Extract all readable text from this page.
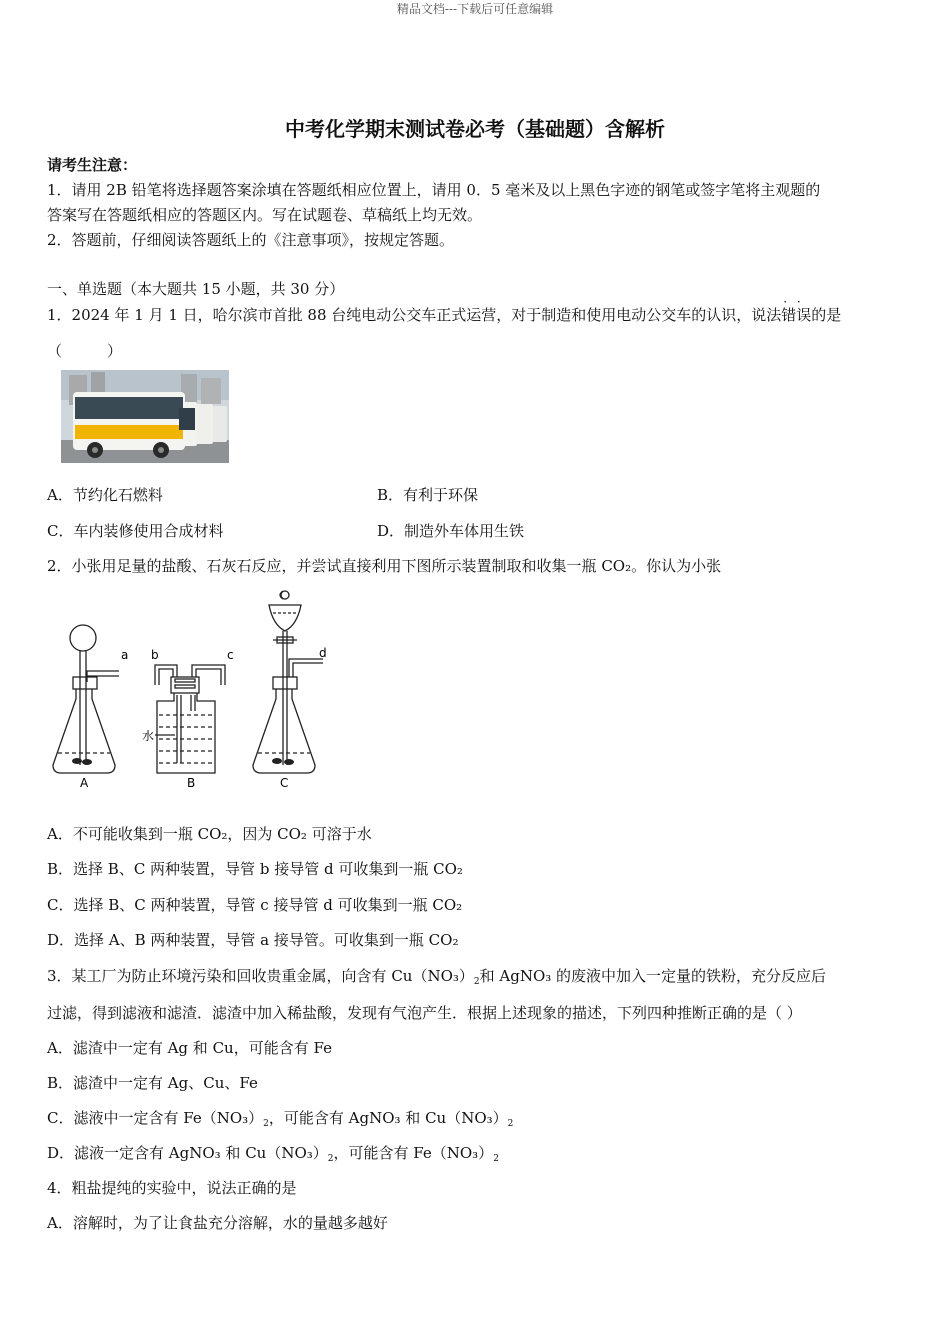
精品文档---下载后可任意编辑
中考化学期末测试卷必考（基础题）含解析
请考生注意：
1．请用 2B 铅笔将选择题答案涂填在答题纸相应位置上，请用 0．5 毫米及以上黑色字迹的钢笔或签字笔将主观题的
答案写在答题纸相应的答题区内。写在试题卷、草稿纸上均无效。
2．答题前，仔细阅读答题纸上的《注意事项》，按规定答题。
一、单选题（本大题共 15 小题，共 30 分）
1．2024 年 1 月 1 日，哈尔滨市首批 88 台纯电动公交车正式运营，对于制造和使用电动公交车的认识，说法· · 错误的是
（　　　）
A．节约化石燃料	B．有利于环保
C．车内装修使用合成材料	D．制造外车体用生铁
2．小张用足量的盐酸、石灰石反应，并尝试直接利用下图所示装置制取和收集一瓶 CO₂。你认为小张
a b	c	d
水
A	B	C
A．不可能收集到一瓶 CO₂，因为 CO₂ 可溶于水
B．选择 B、C 两种装置，导管 b 接导管 d 可收集到一瓶 CO₂
C．选择 B、C 两种装置，导管 c 接导管 d 可收集到一瓶 CO₂
D．选择 A、B 两种装置，导管 a 接导管。可收集到一瓶 CO₂
3．某工厂为防止环境污染和回收贵重金属，向含有 $Cu(NO_3)_2$和 AgNO₃ 的废液中加入一定量的铁粉，充分反应后
过滤，得到滤液和滤渣．滤渣中加入稀盐酸，发现有气泡产生．根据上述现象的描述，下列四种推断正确的是（ ）
A．滤渣中一定有 Ag 和 Cu，可能含有 Fe
B．滤渣中一定有 Ag、Cu、Fe
C．滤液中一定含有 $Fe(NO_3)_2$，可能含有 AgNO₃ 和 $Cu(NO_3)_2$
D．滤液一定含有 AgNO₃ 和 $Cu(NO_3)_2$，可能含有 $Fe(NO_3)_2$
4．粗盐提纯的实验中，说法正确的是
A．溶解时，为了让食盐充分溶解，水的量越多越好
